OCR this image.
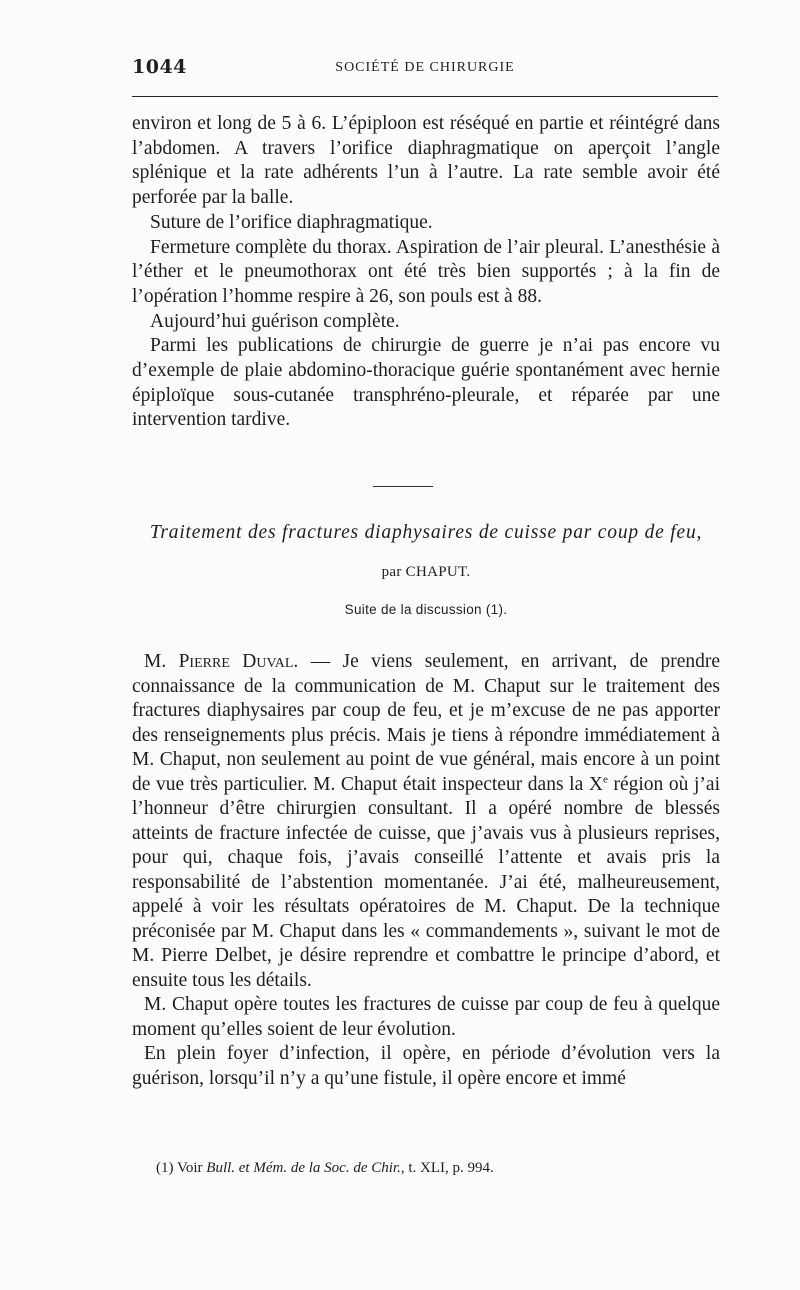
1044	SOCIÉTÉ DE CHIRURGIE

environ et long de 5 à 6. L’épiploon est réséqué en partie et réintégré dans l’abdomen. A travers l’orifice diaphragmatique on aperçoit l’angle splénique et la rate adhérents l’un à l’autre. La rate semble avoir été perforée par la balle.

Suture de l’orifice diaphragmatique.

Fermeture complète du thorax. Aspiration de l’air pleural. L’anesthésie à l’éther et le pneumothorax ont été très bien supportés ; à la fin de l’opération l’homme respire à 26, son pouls est à 88.

Aujourd’hui guérison complète.

Parmi les publications de chirurgie de guerre je n’ai pas encore vu d’exemple de plaie abdomino-thoracique guérie spontanément avec hernie épiploïque sous-cutanée transphréno-pleurale, et réparée par une intervention tardive.

Traitement des fractures diaphysaires de cuisse par coup de feu,
par CHAPUT.
Suite de la discussion (1).

M. Pierre Duval. — Je viens seulement, en arrivant, de prendre connaissance de la communication de M. Chaput sur le traitement des fractures diaphysaires par coup de feu, et je m’excuse de ne pas apporter des renseignements plus précis. Mais je tiens à répondre immédiatement à M. Chaput, non seulement au point de vue général, mais encore à un point de vue très particulier. M. Chaput était inspecteur dans la Xe région où j’ai l’honneur d’être chirurgien consultant. Il a opéré nombre de blessés atteints de fracture infectée de cuisse, que j’avais vus à plusieurs reprises, pour qui, chaque fois, j’avais conseillé l’attente et avais pris la responsabilité de l’abstention momentanée. J’ai été, malheureusement, appelé à voir les résultats opératoires de M. Chaput. De la technique préconisée par M. Chaput dans les « commandements », suivant le mot de M. Pierre Delbet, je désire reprendre et combattre le principe d’abord, et ensuite tous les détails.

M. Chaput opère toutes les fractures de cuisse par coup de feu à quelque moment qu’elles soient de leur évolution.

En plein foyer d’infection, il opère, en période d’évolution vers la guérison, lorsqu’il n’y a qu’une fistule, il opère encore et immé

(1) Voir Bull. et Mém. de la Soc. de Chir., t. XLI, p. 994.
